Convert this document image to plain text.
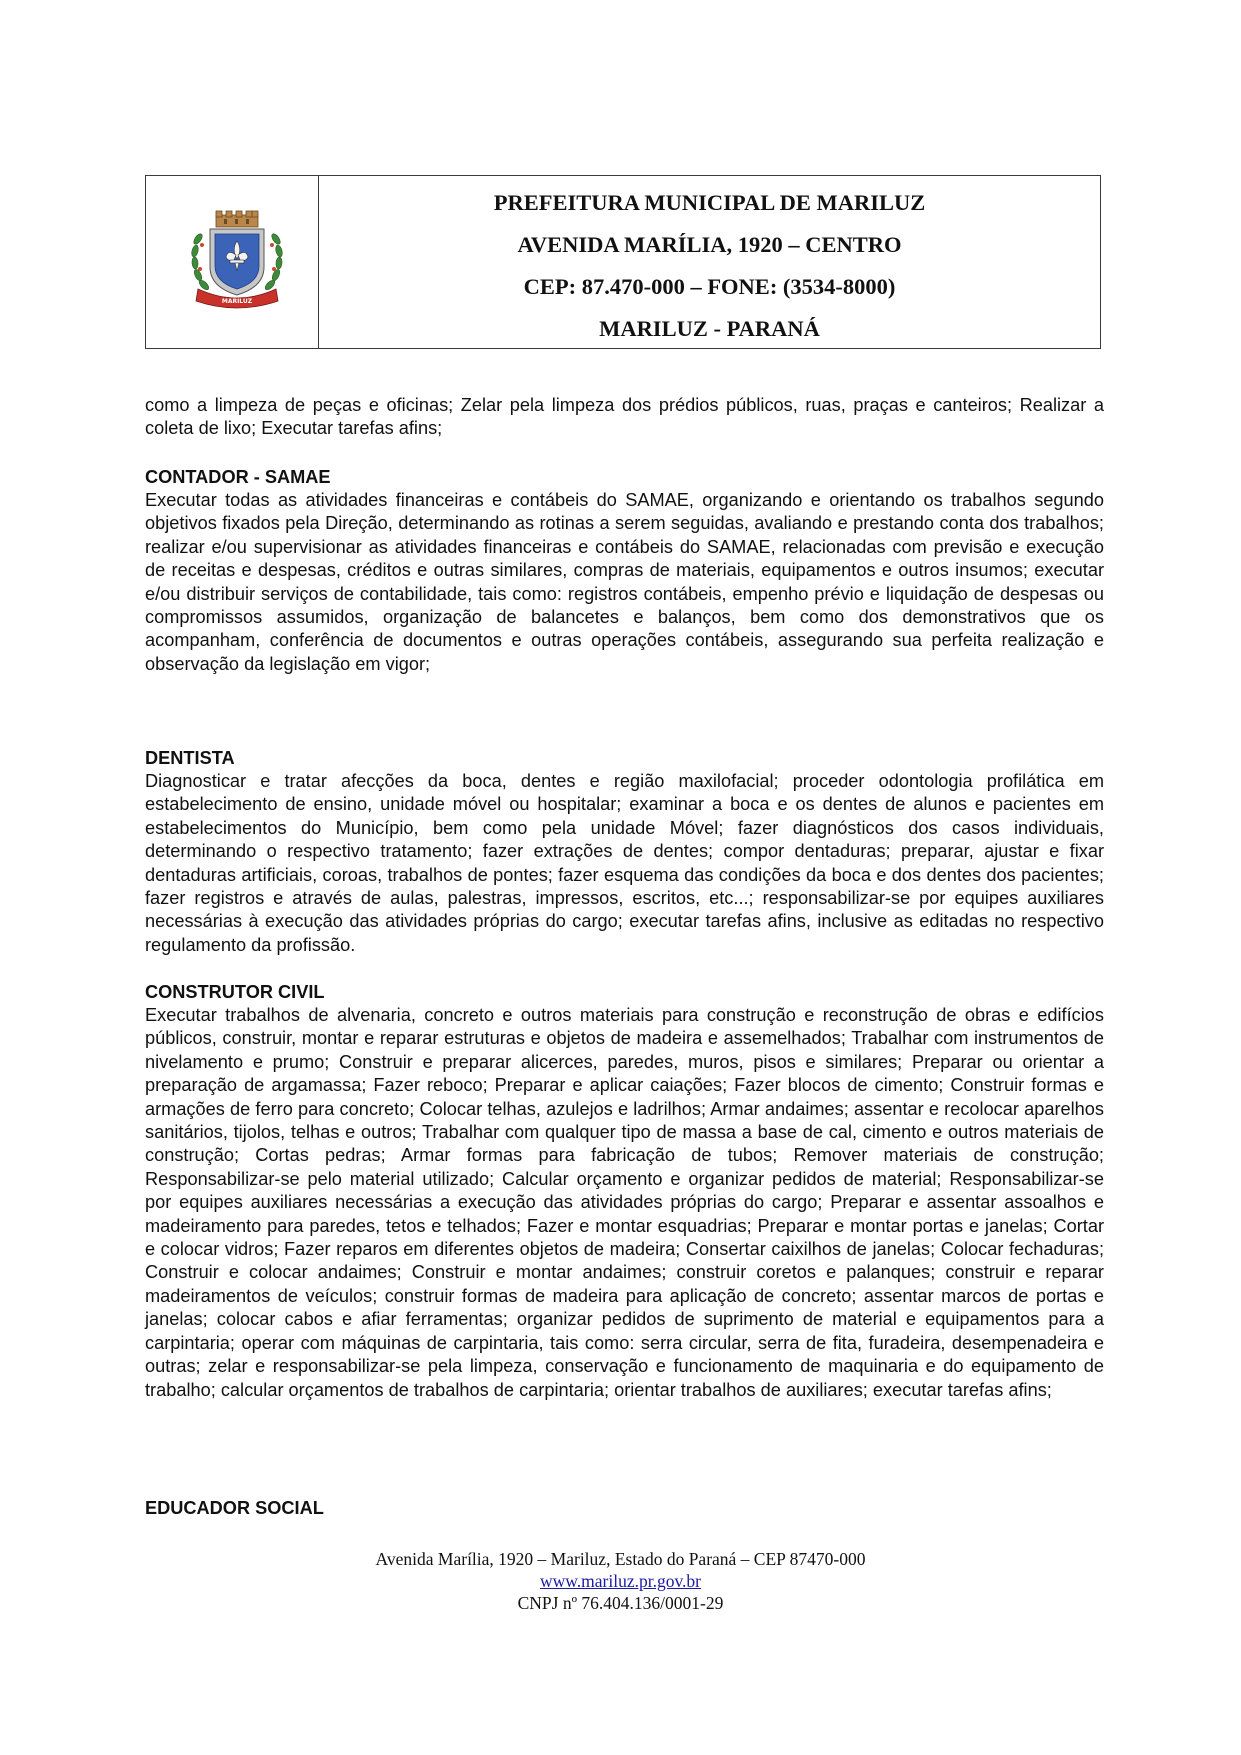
MARILUZ
PREFEITURA MUNICIPAL DE MARILUZ
AVENIDA MARÍLIA, 1920 – CENTRO
CEP: 87.470-000 – FONE: (3534-8000)
MARILUZ - PARANÁ

como a limpeza de peças e oficinas; Zelar pela limpeza dos prédios públicos, ruas, praças e canteiros; Realizar a coleta de lixo; Executar tarefas afins;

CONTADOR - SAMAE

Executar todas as atividades financeiras e contábeis do SAMAE, organizando e orientando os trabalhos segundo objetivos fixados pela Direção, determinando as rotinas a serem seguidas, avaliando e prestando conta dos trabalhos; realizar e/ou supervisionar as atividades financeiras e contábeis do SAMAE, relacionadas com previsão e execução de receitas e despesas, créditos e outras similares, compras de materiais, equipamentos e outros insumos; executar e/ou distribuir serviços de contabilidade, tais como: registros contábeis, empenho prévio e liquidação de despesas ou compromissos assumidos, organização de balancetes e balanços, bem como dos demonstrativos que os acompanham, conferência de documentos e outras operações contábeis, assegurando sua perfeita realização e observação da legislação em vigor;

DENTISTA

Diagnosticar e tratar afecções da boca, dentes e região maxilofacial; proceder odontologia profilática em estabelecimento de ensino, unidade móvel ou hospitalar; examinar a boca e os dentes de alunos e pacientes em estabelecimentos do Município, bem como pela unidade Móvel; fazer diagnósticos dos casos individuais, determinando o respectivo tratamento; fazer extrações de dentes; compor dentaduras; preparar, ajustar e fixar dentaduras artificiais, coroas, trabalhos de pontes; fazer esquema das condições da boca e dos dentes dos pacientes; fazer registros e através de aulas, palestras, impressos, escritos, etc...; responsabilizar-se por equipes auxiliares necessárias à execução das atividades próprias do cargo; executar tarefas afins, inclusive as editadas no respectivo regulamento da profissão.

CONSTRUTOR CIVIL

Executar trabalhos de alvenaria, concreto e outros materiais para construção e reconstrução de obras e edifícios públicos, construir, montar e reparar estruturas e objetos de madeira e assemelhados; Trabalhar com instrumentos de nivelamento e prumo; Construir e preparar alicerces, paredes, muros, pisos e similares; Preparar ou orientar a preparação de argamassa; Fazer reboco; Preparar e aplicar caiações; Fazer blocos de cimento; Construir formas e armações de ferro para concreto; Colocar telhas, azulejos e ladrilhos; Armar andaimes; assentar e recolocar aparelhos sanitários, tijolos, telhas e outros; Trabalhar com qualquer tipo de massa a base de cal, cimento e outros materiais de construção; Cortas pedras; Armar formas para fabricação de tubos; Remover materiais de construção; Responsabilizar-se pelo material utilizado; Calcular orçamento e organizar pedidos de material; Responsabilizar-se por equipes auxiliares necessárias a execução das atividades próprias do cargo; Preparar e assentar assoalhos e madeiramento para paredes, tetos e telhados; Fazer e montar esquadrias; Preparar e montar portas e janelas; Cortar e colocar vidros; Fazer reparos em diferentes objetos de madeira; Consertar caixilhos de janelas; Colocar fechaduras; Construir e colocar andaimes; Construir e montar andaimes; construir coretos e palanques; construir e reparar madeiramentos de veículos; construir formas de madeira para aplicação de concreto; assentar marcos de portas e janelas; colocar cabos e afiar ferramentas; organizar pedidos de suprimento de material e equipamentos para a carpintaria; operar com máquinas de carpintaria, tais como: serra circular, serra de fita, furadeira, desempenadeira e outras; zelar e responsabilizar-se pela limpeza, conservação e funcionamento de maquinaria e do equipamento de trabalho; calcular orçamentos de trabalhos de carpintaria; orientar trabalhos de auxiliares; executar tarefas afins;

EDUCADOR SOCIAL
Avenida Marília, 1920 – Mariluz, Estado do Paraná – CEP 87470-000
www.mariluz.pr.gov.br
CNPJ nº 76.404.136/0001-29
